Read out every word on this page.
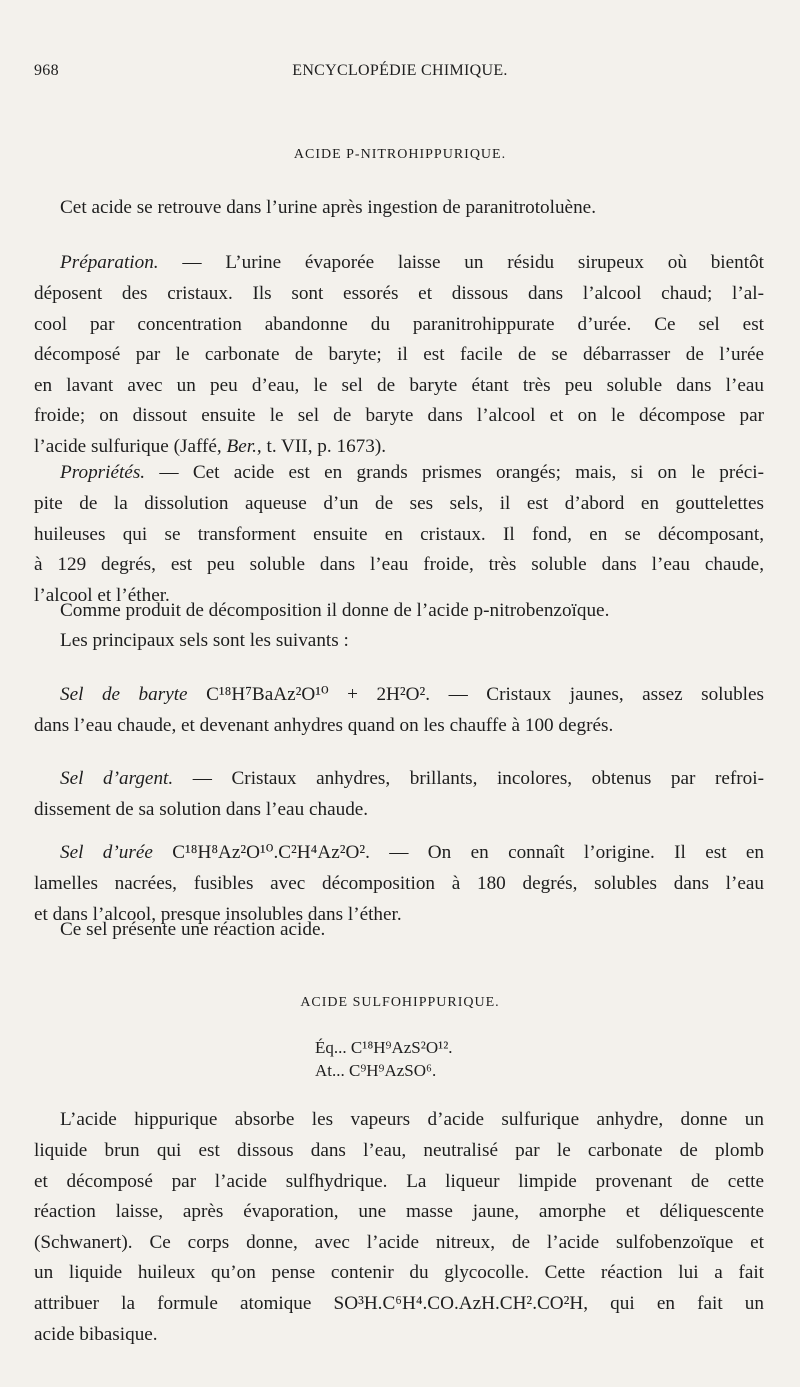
968	ENCYCLOPÉDIE CHIMIQUE.
ACIDE P-NITROHIPPURIQUE.
Cet acide se retrouve dans l’urine après ingestion de paranitrotoluène.
Préparation. — L’urine évaporée laisse un résidu sirupeux où bientôt
déposent des cristaux. Ils sont essorés et dissous dans l’alcool chaud; l’al-
cool par concentration abandonne du paranitrohippurate d’urée. Ce sel est
décomposé par le carbonate de baryte; il est facile de se débarrasser de l’urée
en lavant avec un peu d’eau, le sel de baryte étant très peu soluble dans l’eau
froide; on dissout ensuite le sel de baryte dans l’alcool et on le décompose par
l’acide sulfurique (Jaffé, Ber., t. VII, p. 1673).
Propriétés. — Cet acide est en grands prismes orangés; mais, si on le préci-
pite de la dissolution aqueuse d’un de ses sels, il est d’abord en gouttelettes
huileuses qui se transforment ensuite en cristaux. Il fond, en se décomposant,
à 129 degrés, est peu soluble dans l’eau froide, très soluble dans l’eau chaude,
l’alcool et l’éther.
Comme produit de décomposition il donne de l’acide p-nitrobenzoïque.
Les principaux sels sont les suivants :
Sel de baryte C¹⁸H⁷BaAz²O¹⁰ + 2H²O². — Cristaux jaunes, assez solubles
dans l’eau chaude, et devenant anhydres quand on les chauffe à 100 degrés.
Sel d’argent. — Cristaux anhydres, brillants, incolores, obtenus par refroi-
dissement de sa solution dans l’eau chaude.
Sel d’urée C¹⁸H⁸Az²O¹⁰.C²H⁴Az²O². — On en connaît l’origine. Il est en
lamelles nacrées, fusibles avec décomposition à 180 degrés, solubles dans l’eau
et dans l’alcool, presque insolubles dans l’éther.
Ce sel présente une réaction acide.
ACIDE SULFOHIPPURIQUE.
Éq... C¹⁸H⁹AzS²O¹².
At... C⁹H⁹AzSO⁶.
L’acide hippurique absorbe les vapeurs d’acide sulfurique anhydre, donne un
liquide brun qui est dissous dans l’eau, neutralisé par le carbonate de plomb
et décomposé par l’acide sulfhydrique. La liqueur limpide provenant de cette
réaction laisse, après évaporation, une masse jaune, amorphe et déliquescente
(Schwanert). Ce corps donne, avec l’acide nitreux, de l’acide sulfobenzoïque et
un liquide huileux qu’on pense contenir du glycocolle. Cette réaction lui a fait
attribuer la formule atomique SO³H.C⁶H⁴.CO.AzH.CH².CO²H, qui en fait un
acide bibasique.
